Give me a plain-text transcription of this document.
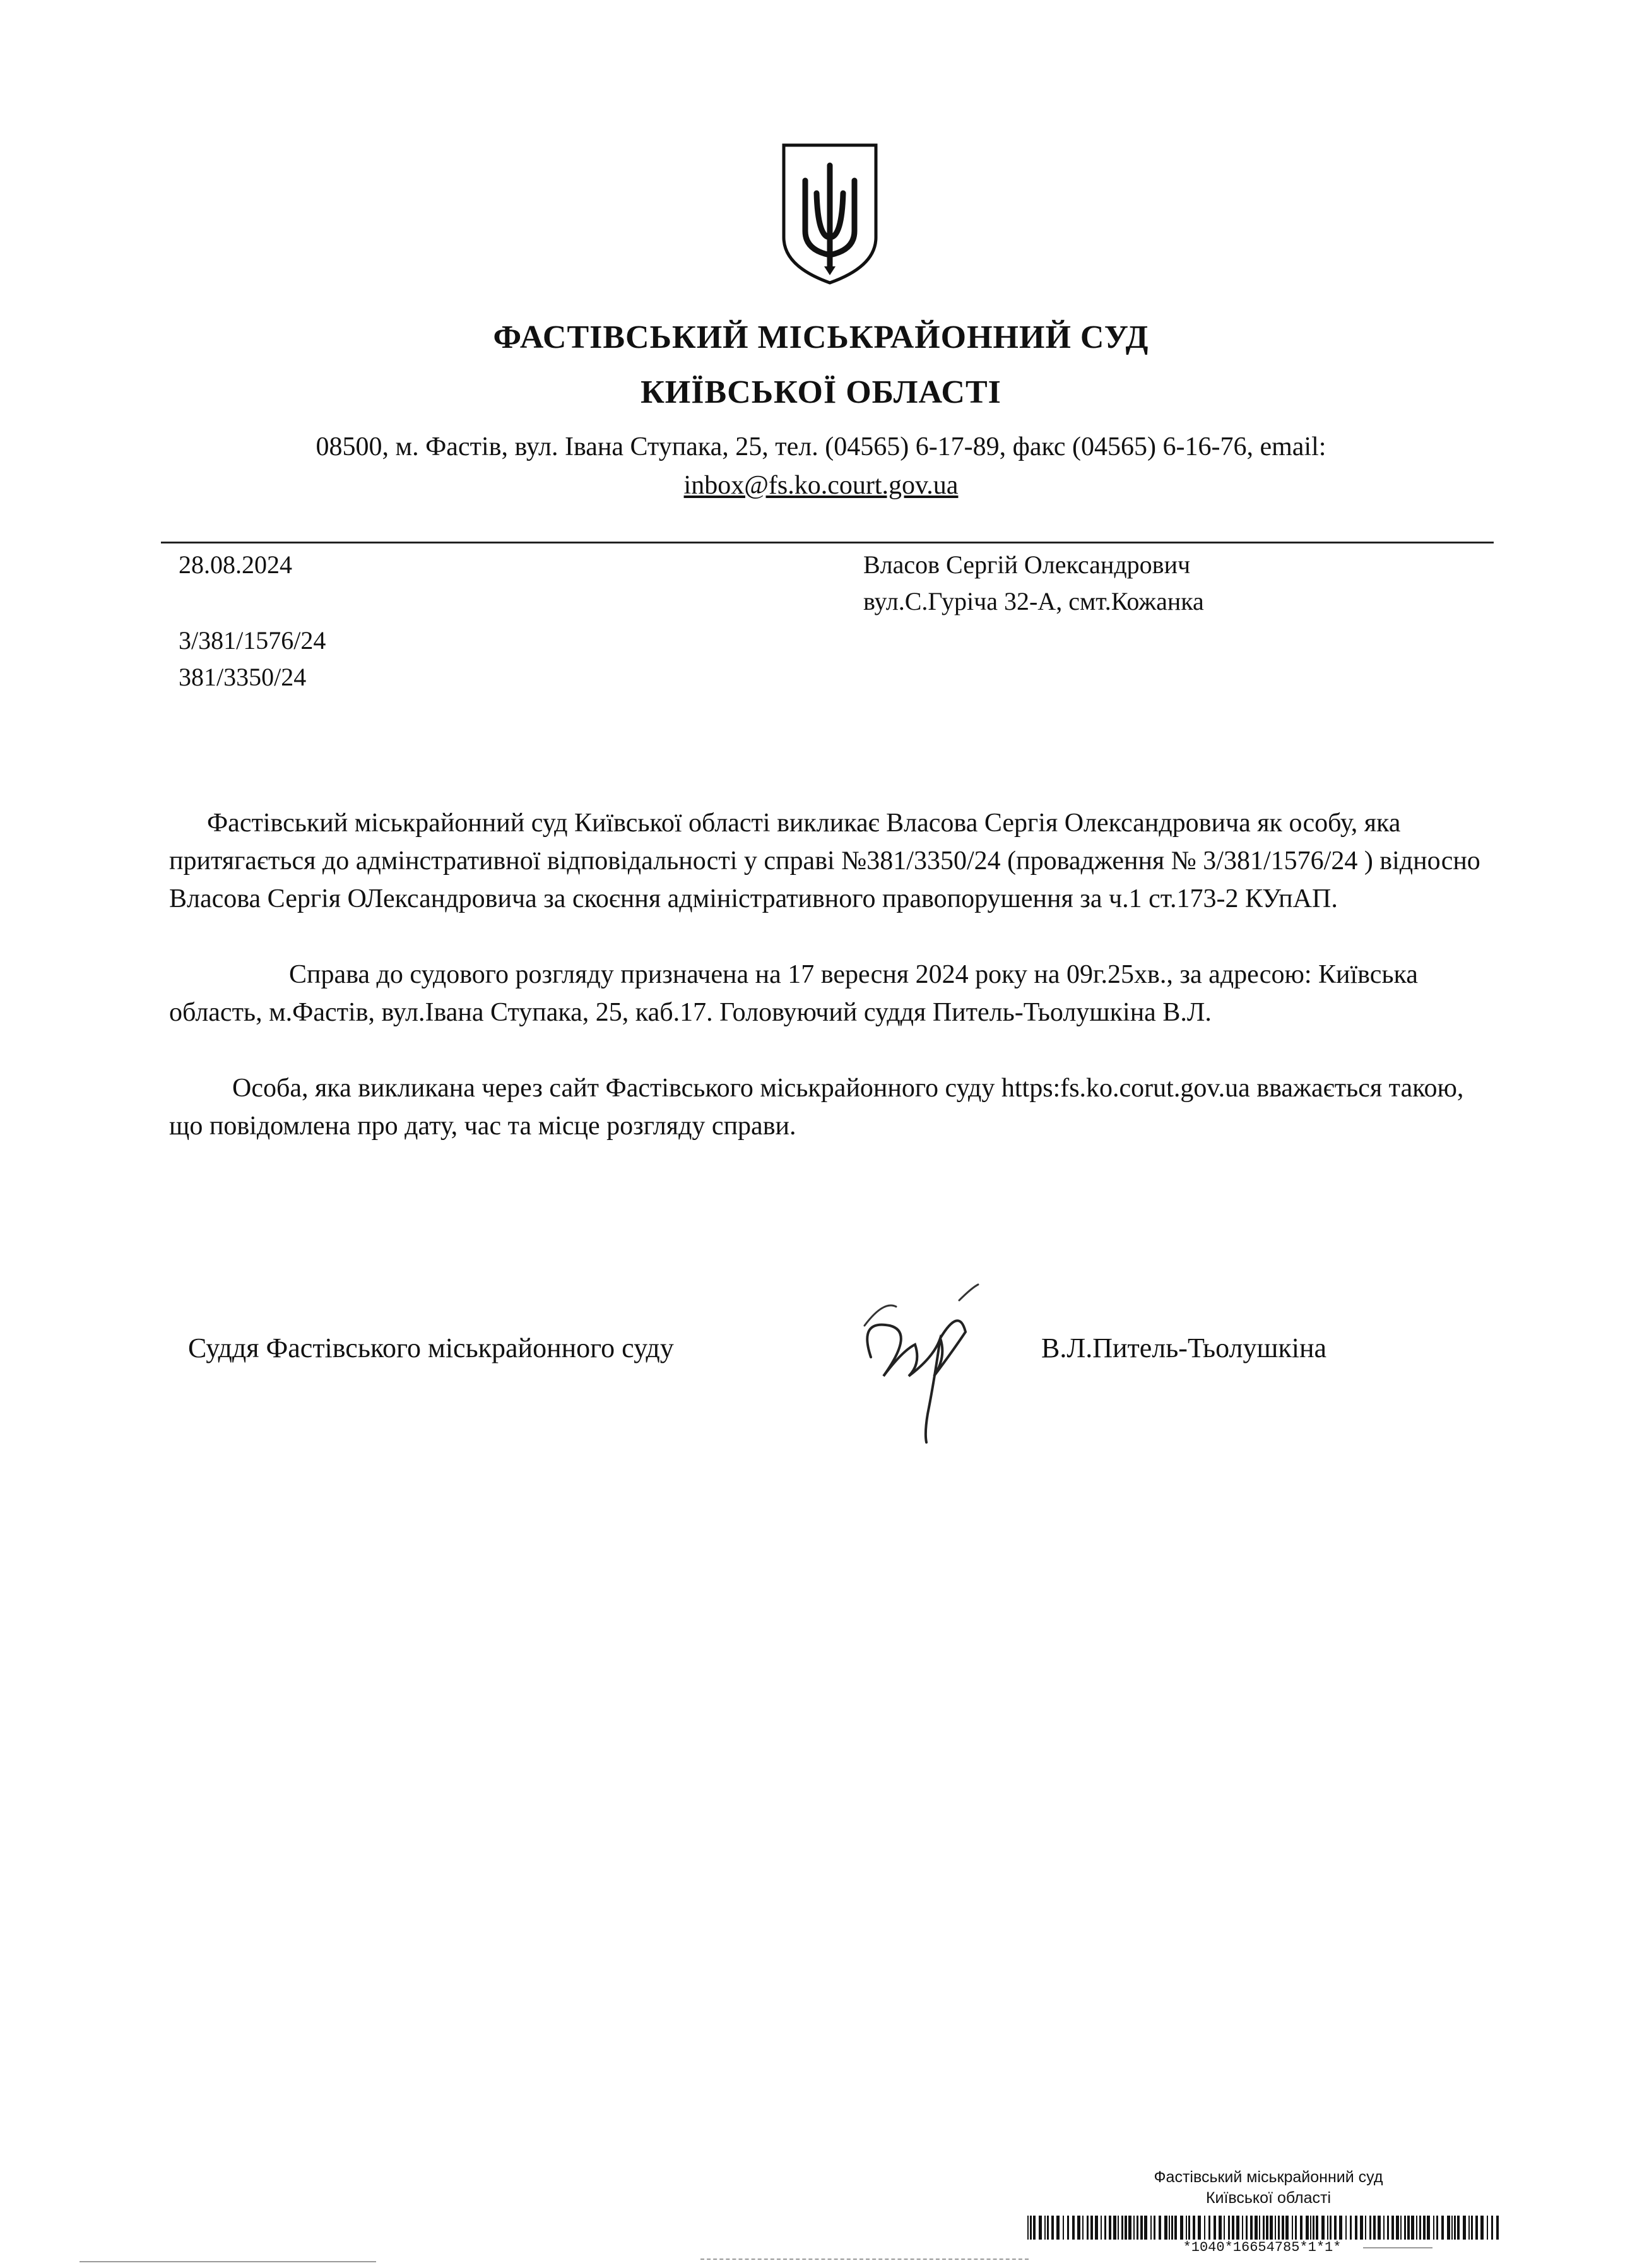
ФАСТІВСЬКИЙ МІСЬКРАЙОННИЙ СУД
КИЇВСЬКОЇ ОБЛАСТІ
08500, м. Фастів, вул. Івана Ступака, 25, тел. (04565) 6-17-89, факс (04565) 6-16-76, email:
inbox@fs.ko.court.gov.ua
28.08.2024
3/381/1576/24
381/3350/24
Власов Сергій Олександрович
вул.С.Гуріча 32-А, смт.Кожанка
Фастівський міськрайонний суд Київської області викликає Власова Сергія Олександровича як особу, яка притягається до адмінстративної відповідальності у справі №381/3350/24 (провадження № 3/381/1576/24 ) відносно Власова Сергія ОЛександровича за скоєння адміністративного правопорушення за ч.1 ст.173-2 КУпАП.
Справа до судового розгляду призначена на 17 вересня 2024 року на 09г.25хв., за адресою: Київська область, м.Фастів, вул.Івана Ступака, 25, каб.17. Головуючий суддя Питель-Тьолушкіна В.Л.
Особа, яка викликана через сайт Фастівського міськрайонного суду https:fs.ko.corut.gov.ua вважається такою, що повідомлена про дату, час та місце розгляду справи.
Суддя Фастівського міськрайонного суду	В.Л.Питель-Тьолушкіна
Фастівський міськрайонний суд
Київської області
*1040*16654785*1*1*
